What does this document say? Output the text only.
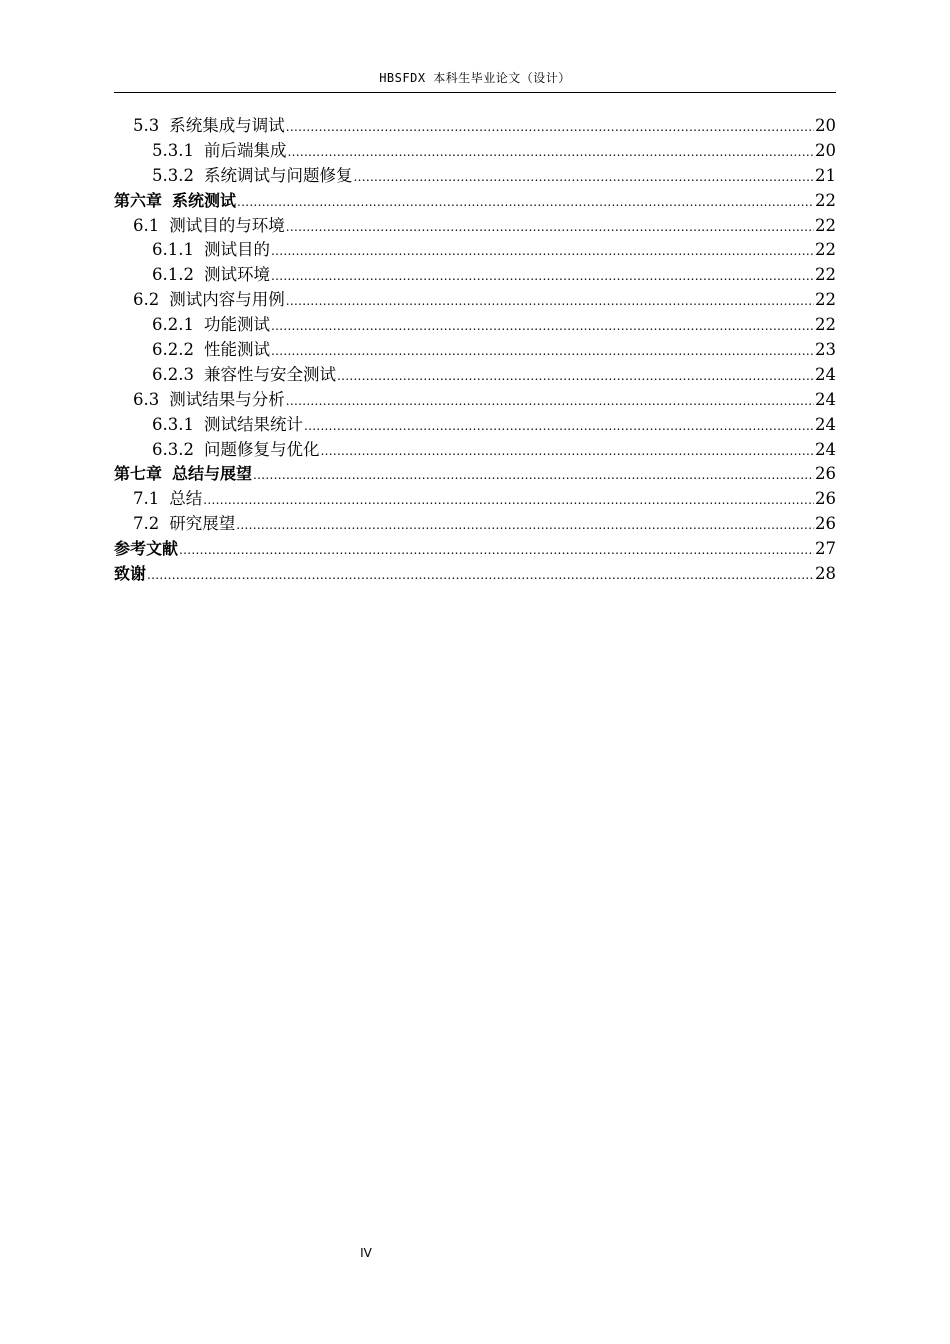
HBSFDX 本科生毕业论文（设计）
5.3 系统集成与调试 .....	20
5.3.1 前后端集成 .....	20
5.3.2 系统调试与问题修复 .....	21
第六章 系统测试 .....	22
6.1 测试目的与环境 .....	22
6.1.1 测试目的 .....	22
6.1.2 测试环境 .....	22
6.2 测试内容与用例 .....	22
6.2.1 功能测试 .....	22
6.2.2 性能测试 .....	23
6.2.3 兼容性与安全测试 .....	24
6.3 测试结果与分析 .....	24
6.3.1 测试结果统计 .....	24
6.3.2 问题修复与优化 .....	24
第七章 总结与展望 .....	26
7.1 总结 .....	26
7.2 研究展望 .....	26
参考文献 .....	27
致谢 .....	28
IV
